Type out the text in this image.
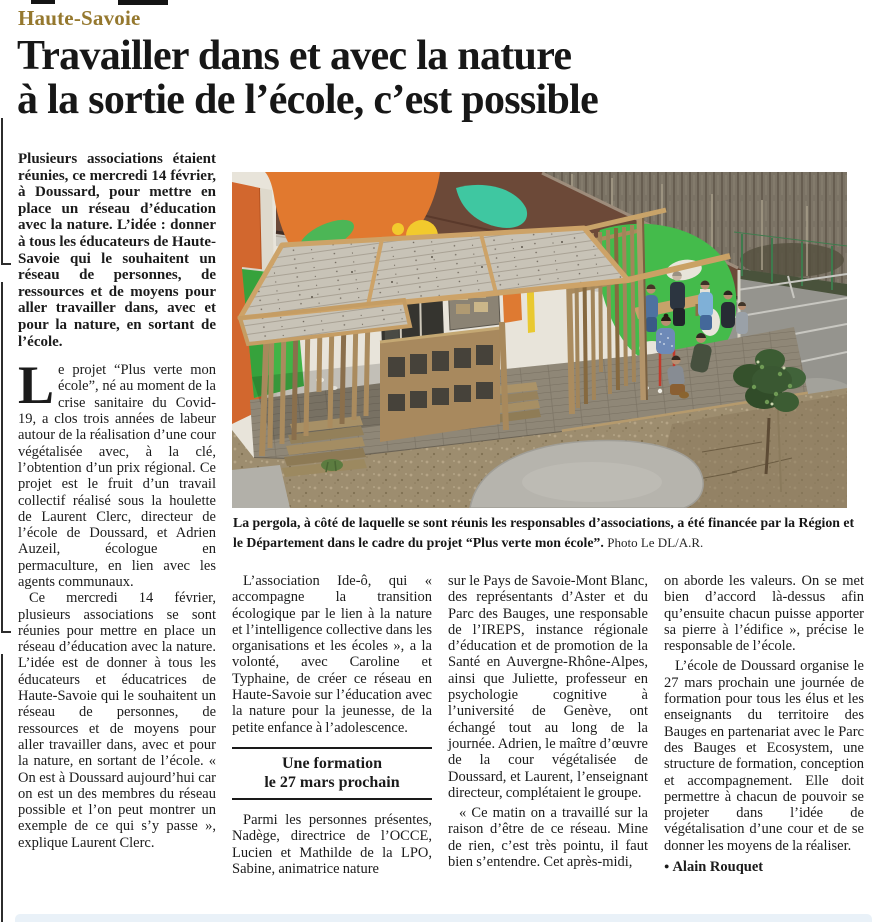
Haute-Savoie
Travailler dans et avec la nature
à la sortie de l’école, c’est possible

Plusieurs associations étaient réunies, ce mercredi 14 février, à Doussard, pour mettre en place un réseau d’éducation avec la nature. L’idée : donner à tous les éducateurs de Haute-Savoie qui le souhaitent un réseau de personnes, de ressources et de moyens pour aller travailler dans, avec et pour la nature, en sortant de l’école.

Le projet “Plus verte mon école”, né au moment de la crise sanitaire du Covid-19, a clos trois années de labeur autour de la réalisation d’une cour végétalisée avec, à la clé, l’obtention d’un prix régional. Ce projet est le fruit d’un travail collectif réalisé sous la houlette de Laurent Clerc, directeur de l’école de Doussard, et Adrien Auzeil, écologue en permaculture, en lien avec les agents communaux.

Ce mercredi 14 février, plusieurs associations se sont réunies pour mettre en place un réseau d’éducation avec la nature. L’idée est de donner à tous les éducateurs et éducatrices de Haute-Savoie qui le souhaitent un réseau de personnes, de ressources et de moyens pour aller travailler dans, avec et pour la nature, en sortant de l’école. « On est à Doussard aujourd’hui car on est un des membres du réseau possible et l’on peut montrer un exemple de ce qui s’y passe », explique Laurent Clerc.

La pergola, à côté de laquelle se sont réunis les responsables d’associations, a été financée par la Région et le Département dans le cadre du projet “Plus verte mon école”. Photo Le DL/A.R.

L’association Ide-ô, qui « accompagne la transition écologique par le lien à la nature et l’intelligence collective dans les organisations et les écoles », a la volonté, avec Caroline et Typhaine, de créer ce réseau en Haute-Savoie sur l’éducation avec la nature pour la jeunesse, de la petite enfance à l’adolescence.

Une formation
le 27 mars prochain

Parmi les personnes présentes, Nadège, directrice de l’OCCE, Lucien et Mathilde de la LPO, Sabine, animatrice nature

sur le Pays de Savoie-Mont Blanc, des représentants d’Aster et du Parc des Bauges, une responsable de l’IREPS, instance régionale d’éducation et de promotion de la Santé en Auvergne-Rhône-Alpes, ainsi que Juliette, professeur en psychologie cognitive à l’université de Genève, ont échangé tout au long de la journée. Adrien, le maître d’œuvre de la cour végétalisée de Doussard, et Laurent, l’enseignant directeur, complétaient le groupe.

« Ce matin on a travaillé sur la raison d’être de ce réseau. Mine de rien, c’est très pointu, il faut bien s’entendre. Cet après-midi,

on aborde les valeurs. On se met bien d’accord là-dessus afin qu’ensuite chacun puisse apporter sa pierre à l’édifice », précise le responsable de l’école.

L’école de Doussard organise le 27 mars prochain une journée de formation pour tous les élus et les enseignants du territoire des Bauges en partenariat avec le Parc des Bauges et Ecosystem, une structure de formation, conception et accompagnement. Elle doit permettre à chacun de pouvoir se projeter dans l’idée de végétalisation d’une cour et de se donner les moyens de la réaliser.

● Alain Rouquet
